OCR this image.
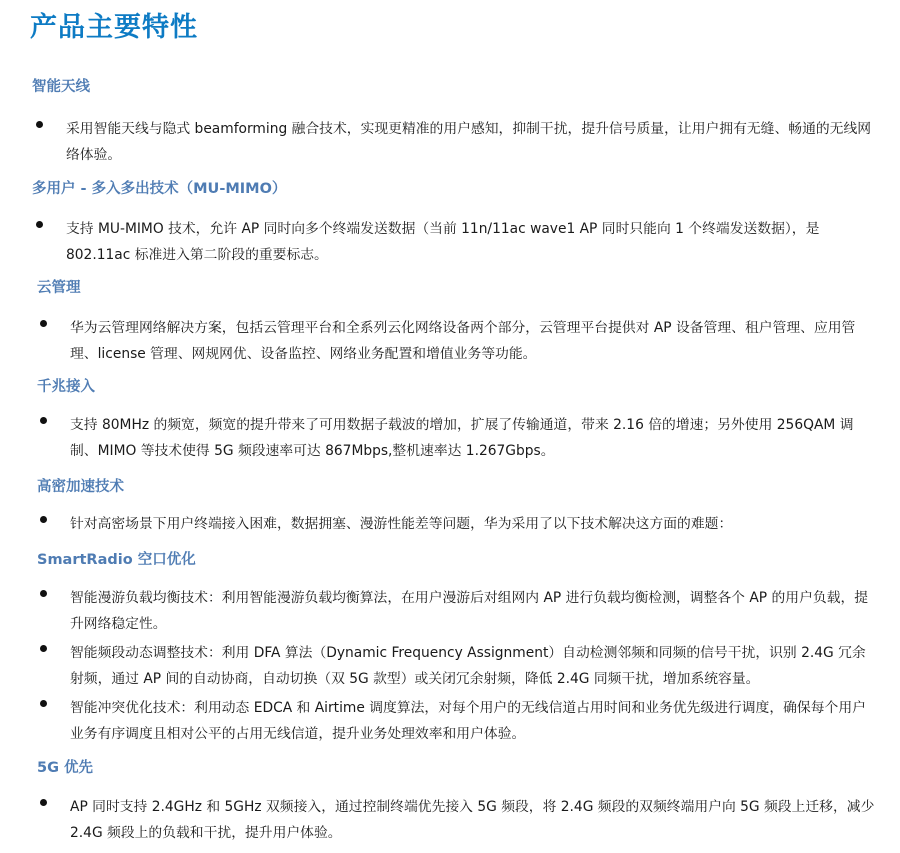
产品主要特性
智能天线

采用智能天线与隐式 beamforming 融合技术，实现更精准的用户感知，抑制干扰，提升信号质量，让用户拥有无缝、畅通的无线网络体验。

多用户 - 多入多出技术（MU-MIMO）

支持 MU-MIMO 技术，允许 AP 同时向多个终端发送数据（当前 11n/11ac wave1 AP 同时只能向 1 个终端发送数据），是 802.11ac 标准进入第二阶段的重要标志。

云管理

华为云管理网络解决方案，包括云管理平台和全系列云化网络设备两个部分，云管理平台提供对 AP 设备管理、租户管理、应用管理、license 管理、网规网优、设备监控、网络业务配置和增值业务等功能。

千兆接入

支持 80MHz 的频宽，频宽的提升带来了可用数据子载波的增加，扩展了传输通道，带来 2.16 倍的增速；另外使用 256QAM 调制、MIMO 等技术使得 5G 频段速率可达 867Mbps,整机速率达 1.267Gbps。

高密加速技术

针对高密场景下用户终端接入困难，数据拥塞、漫游性能差等问题，华为采用了以下技术解决这方面的难题：

SmartRadio 空口优化

智能漫游负载均衡技术：利用智能漫游负载均衡算法，在用户漫游后对组网内 AP 进行负载均衡检测，调整各个 AP 的用户负载，提升网络稳定性。

智能频段动态调整技术：利用 DFA 算法（Dynamic Frequency Assignment）自动检测邻频和同频的信号干扰，识别 2.4G 冗余射频，通过 AP 间的自动协商，自动切换（双 5G 款型）或关闭冗余射频，降低 2.4G 同频干扰，增加系统容量。

智能冲突优化技术：利用动态 EDCA 和 Airtime 调度算法，对每个用户的无线信道占用时间和业务优先级进行调度，确保每个用户业务有序调度且相对公平的占用无线信道，提升业务处理效率和用户体验。

5G 优先

AP 同时支持 2.4GHz 和 5GHz 双频接入，通过控制终端优先接入 5G 频段，将 2.4G 频段的双频终端用户向 5G 频段上迁移，减少 2.4G 频段上的负载和干扰，提升用户体验。
